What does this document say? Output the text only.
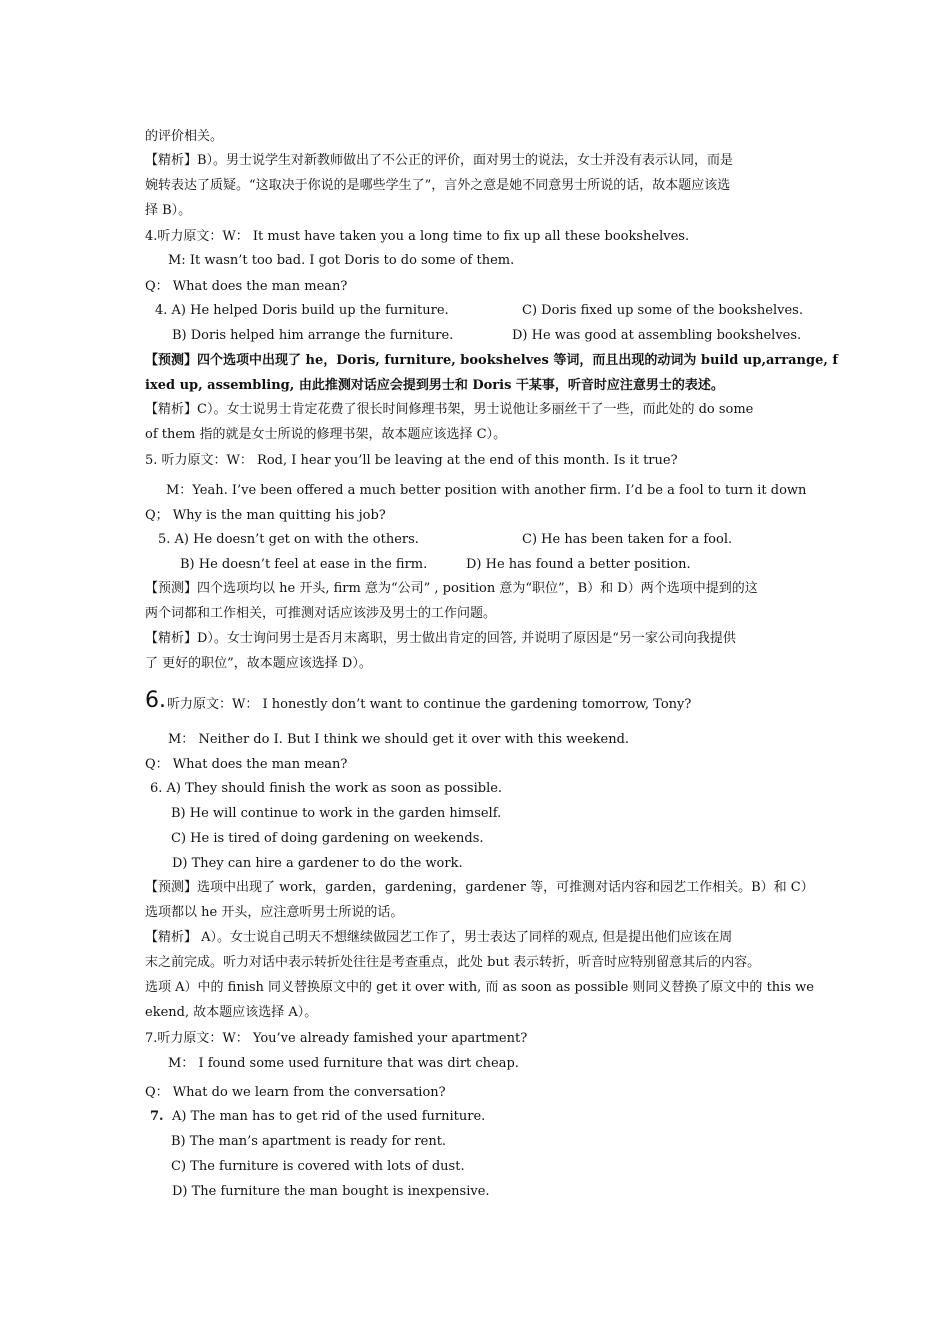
的评价相关。
【精析】B）。男士说学生对新教师做出了不公正的评价，面对男士的说法，女士并没有表示认同，而是
婉转表达了质疑。“这取决于你说的是哪些学生了”，言外之意是她不同意男士所说的话，故本题应该选
择 B）。
4.听力原文：W： It must have taken you a long time to fix up all these bookshelves.
M: It wasn’t too bad. I got Doris to do some of them.
Q： What does the man mean?
4. A) He helped Doris build up the furniture.	C) Doris fixed up some of the bookshelves.
B) Doris helped him arrange the furniture.	D) He was good at assembling bookshelves.
【预测】四个选项中出现了 he，Doris, furniture, bookshelves 等词，而且出现的动词为 build up,arrange, f
ixed up, assembling, 由此推测对话应会提到男士和 Doris 干某事，听音时应注意男士的表述。
【精析】C）。女士说男士肯定花费了很长时间修理书架，男士说他让多丽丝干了一些，而此处的 do some
of them 指的就是女士所说的修理书架，故本题应该选择 C）。
5. 听力原文：W： Rod, I hear you’ll be leaving at the end of this month. Is it true?
M：Yeah. I’ve been offered a much better position with another firm. I’d be a fool to turn it down
Q； Why is the man quitting his job?
5. A) He doesn’t get on with the others.	C) He has been taken for a fool.
B) He doesn’t feel at ease in the firm.	D) He has found a better position.
【预测】四个选项均以 he 开头, firm 意为“公司” , position 意为“职位”，B）和 D）两个选项中提到的这
两个词都和工作相关，可推测对话应该涉及男士的工作问题。
【精析】D）。女士询问男士是否月末离职，男士做出肯定的回答, 并说明了原因是“另一家公司向我提供
了 更好的职位”，故本题应该选择 D）。
6. 听力原文：W： I honestly don’t want to continue the gardening tomorrow, Tony?
M： Neither do I. But I think we should get it over with this weekend.
Q： What does the man mean?
6. A) They should finish the work as soon as possible.
B) He will continue to work in the garden himself.
C) He is tired of doing gardening on weekends.
D) They can hire a gardener to do the work.
【预测】选项中出现了 work，garden，gardening，gardener 等，可推测对话内容和园艺工作相关。B）和 C）
选项都以 he 开头，应注意听男士所说的话。
【精析】 A）。女士说自己明天不想继续做园艺工作了，男士表达了同样的观点, 但是提出他们应该在周
末之前完成。听力对话中表示转折处往往是考查重点，此处 but 表示转折，听音时应特别留意其后的内容。
选项 A）中的 finish 同义替换原文中的 get it over with, 而 as soon as possible 则同义替换了原文中的 this we
ekend, 故本题应该选择 A）。
7.听力原文：W： You’ve already famished your apartment?
M： I found some used furniture that was dirt cheap.
Q： What do we learn from the conversation?
7. A) The man has to get rid of the used furniture.
B) The man’s apartment is ready for rent.
C) The furniture is covered with lots of dust.
D) The furniture the man bought is inexpensive.
